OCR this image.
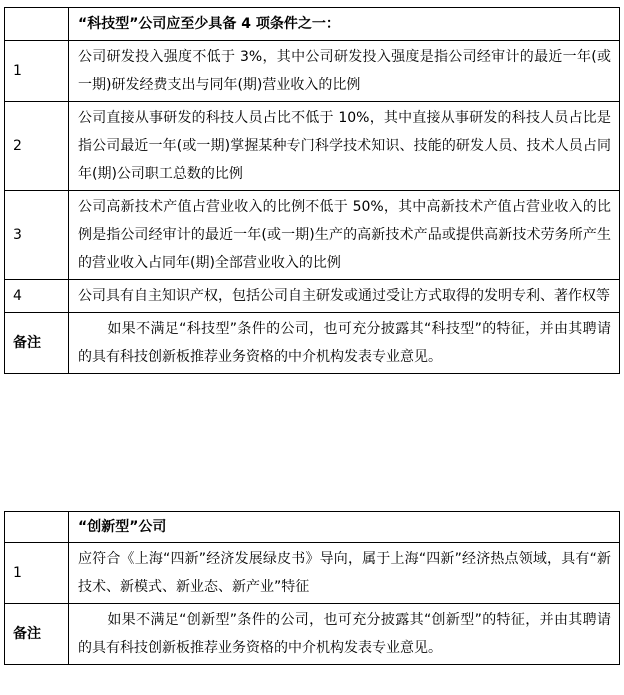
	“科技型”公司应至少具备 4 项条件之一：
1	公司研发投入强度不低于 3%，其中公司研发投入强度是指公司经审计的最近一年(或一期)研发经费支出与同年(期)营业收入的比例
2	公司直接从事研发的科技人员占比不低于 10%，其中直接从事研发的科技人员占比是指公司最近一年(或一期)掌握某种专门科学技术知识、技能的研发人员、技术人员占同年(期)公司职工总数的比例
3	公司高新技术产值占营业收入的比例不低于 50%，其中高新技术产值占营业收入的比例是指公司经审计的最近一年(或一期)生产的高新技术产品或提供高新技术劳务所产生的营业收入占同年(期)全部营业收入的比例
4	公司具有自主知识产权，包括公司自主研发或通过受让方式取得的发明专利、著作权等
备注	如果不满足“科技型”条件的公司，也可充分披露其“科技型”的特征，并由其聘请的具有科技创新板推荐业务资格的中介机构发表专业意见。
	“创新型”公司
1	应符合《上海“四新”经济发展绿皮书》导向，属于上海“四新”经济热点领域，具有“新技术、新模式、新业态、新产业”特征
备注	如果不满足“创新型”条件的公司，也可充分披露其“创新型”的特征，并由其聘请的具有科技创新板推荐业务资格的中介机构发表专业意见。
